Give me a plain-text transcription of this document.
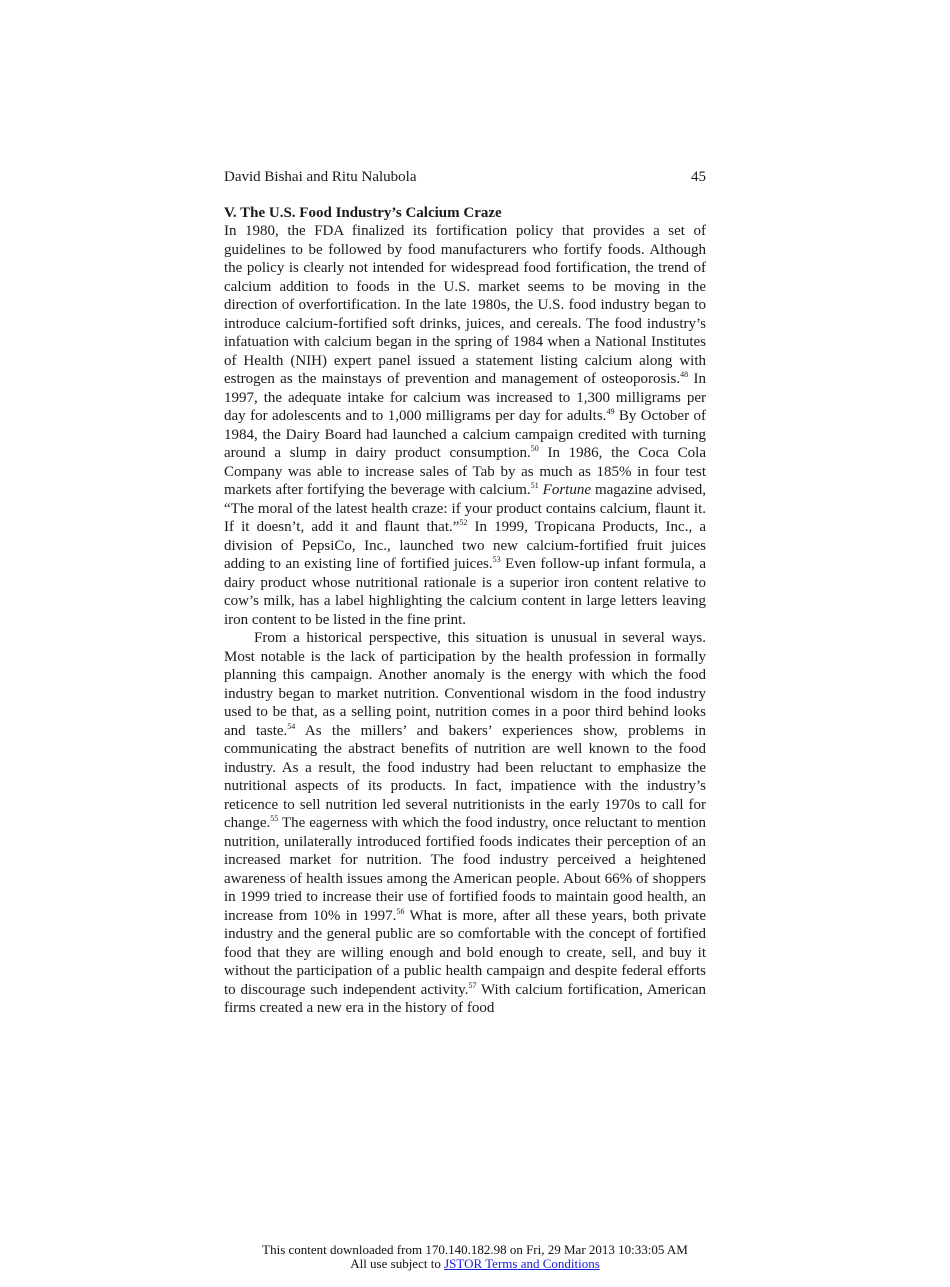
David Bishai and Ritu Nalubola	45
V. The U.S. Food Industry’s Calcium Craze

In 1980, the FDA finalized its fortification policy that provides a set of guidelines to be followed by food manufacturers who fortify foods. Although the policy is clearly not intended for widespread food fortification, the trend of calcium addition to foods in the U.S. market seems to be moving in the direction of overfortification. In the late 1980s, the U.S. food industry began to introduce calcium-fortified soft drinks, juices, and cereals. The food industry’s infatuation with calcium began in the spring of 1984 when a National Institutes of Health (NIH) expert panel issued a statement listing calcium along with estrogen as the mainstays of prevention and management of osteoporosis.$^{48}$ In 1997, the adequate intake for calcium was increased to 1,300 milligrams per day for adolescents and to 1,000 milligrams per day for adults.$^{49}$ By October of 1984, the Dairy Board had launched a calcium campaign credited with turning around a slump in dairy product consumption.$^{50}$ In 1986, the Coca Cola Company was able to increase sales of Tab by as much as 185% in four test markets after fortifying the beverage with calcium.$^{51}$ Fortune magazine advised, “The moral of the latest health craze: if your product contains calcium, flaunt it. If it doesn’t, add it and flaunt that.”$^{52}$ In 1999, Tropicana Products, Inc., a division of PepsiCo, Inc., launched two new calcium-fortified fruit juices adding to an existing line of fortified juices.$^{53}$ Even follow-up infant formula, a dairy product whose nutritional rationale is a superior iron content relative to cow’s milk, has a label highlighting the calcium content in large letters leaving iron content to be listed in the fine print.

From a historical perspective, this situation is unusual in several ways. Most notable is the lack of participation by the health profession in formally planning this campaign. Another anomaly is the energy with which the food industry began to market nutrition. Conventional wisdom in the food industry used to be that, as a selling point, nutrition comes in a poor third behind looks and taste.$^{54}$ As the millers’ and bakers’ experiences show, problems in communicating the abstract benefits of nutrition are well known to the food industry. As a result, the food industry had been reluctant to emphasize the nutritional aspects of its products. In fact, impatience with the industry’s reticence to sell nutrition led several nutritionists in the early 1970s to call for change.$^{55}$ The eagerness with which the food industry, once reluctant to mention nutrition, unilaterally introduced fortified foods indicates their perception of an increased market for nutrition. The food industry perceived a heightened awareness of health issues among the American people. About 66% of shoppers in 1999 tried to increase their use of fortified foods to maintain good health, an increase from 10% in 1997.56 What is more, after all these years, both private industry and the general public are so comfortable with the concept of fortified food that they are willing enough and bold enough to create, sell, and buy it without the participation of a public health campaign and despite federal efforts to discourage such independent activity.$^{57}$ With calcium fortification, American firms created a new era in the history of food

This content downloaded from 170.140.182.98 on Fri, 29 Mar 2013 10:33:05 AM
All use subject to JSTOR Terms and Conditions
